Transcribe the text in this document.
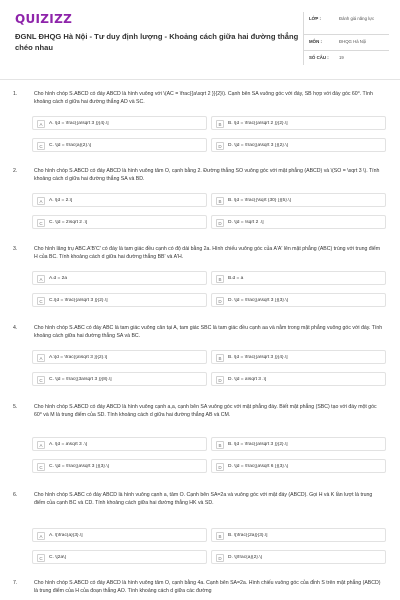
QUIZIZZ
ĐGNL ĐHQG Hà Nội - Tư duy định lượng - Khoảng cách giữa hai đường thẳng chéo nhau
LỚP :	Đánh giá năng lực
MÔN :	ĐHQG Hà Nội
SỐ CÂU : 19
1.	Cho hình chóp S.ABCD có đáy ABCD là hình vuông với \(AC = \frac{{a\sqrt 2 }}{2}\). Cạnh bên SA vuông góc với đáy, SB hợp với đáy góc 60⁰. Tính khoảng cách d giữa hai đường thẳng AD và SC.
A	A. \[d = \frac{{a\sqrt 3 }}{4}.\]	B	B. \[d = \frac{{a\sqrt 2 }}{2}.\]
C	C. \[d = \frac{a}{2}.\]	D	D. \[d = \frac{{a\sqrt 3 }}{2}.\]
2.	Cho hình chóp S.ABCD có đáy ABCD là hình vuông tâm O, cạnh bằng 2. Đường thẳng SO vuông góc với mặt phẳng (ABCD) và \(SO = \sqrt 3 \). Tính khoảng cách d giữa hai đường thẳng SA và BD.
A	A. \[d = 2.\]	B	B. \[d = \frac{{\sqrt {30} }}{5}.\]
C	C. \[d = 2\sqrt 2 .\]	D	D. \[d = \sqrt 2 .\]
3.	Cho hình lăng trụ ABC.A'B'C' có đáy là tam giác đều cạnh có độ dài bằng 2a. Hình chiếu vuông góc của A'A' lên mặt phẳng (ABC) trùng với trung điểm H của BC. Tính khoảng cách d giữa hai đường thẳng BB' và A'H.
A	A.d = 2a	B	B.d = a
C	C.\[d = \frac{{a\sqrt 3 }}{2}.\]	D	D. \[d = \frac{{a\sqrt 3 }}{3}.\]
4.	Cho hình chóp S.ABC có đáy ABC là tam giác vuông cân tại A, tam giác SBC là tam giác đều cạnh aa và nằm trong mặt phẳng vuông góc với đáy. Tính khoảng cách giữa hai đường thẳng SA và BC.
A	A.\[d = \frac{{a\sqrt 3 }}{2}.\]	B	B. \[d = \frac{{a\sqrt 3 }}{4}.\]
C	C. \[d = \frac{{3a\sqrt 3 }}{8}.\]	D	D. \[d = a\sqrt 3 .\]
5.	Cho hình chóp S.ABCD có đáy ABCD là hình vuông cạnh a,a, cạnh bên SA vuông góc với mặt phẳng đáy. Biết mặt phẳng (SBC) tạo với đáy một góc 60⁰ và M là trung điểm của SD. Tính khoảng cách d giữa hai đường thẳng AB và CM.
A	A. \[d = a\sqrt 3 .\]	B	B. \[d = \frac{{a\sqrt 3 }}{2}.\]
C	C. \[d = \frac{{a\sqrt 3 }}{3}.\]	D	D. \[d = \frac{{a\sqrt 6 }}{3}.\]
6.	Cho hình chóp S.ABC có đáy ABCD là hình vuông cạnh a, tâm O. Cạnh bên SA=2a và vuông góc với mặt đáy (ABCD). Gọi H và K lần lượt là trung điểm của cạnh BC và CD. Tính khoảng cách giữa hai đường thẳng HK và SD.
A	A. \[\frac{a}{3}.\]	B	B. \[\frac{{2a}}{3}.\]
C	C. \[2a\]	D	D. \[\frac{a}{2}.\]
7.	Cho hình chóp S.ABCD có đáy ABCD là hình vuông tâm O, cạnh bằng 4a. Cạnh bên SA=2a. Hình chiếu vuông góc của đỉnh S trên mặt phẳng (ABCD) là trung điểm của H của đoạn thẳng AO. Tính khoảng cách d giữa các đường
